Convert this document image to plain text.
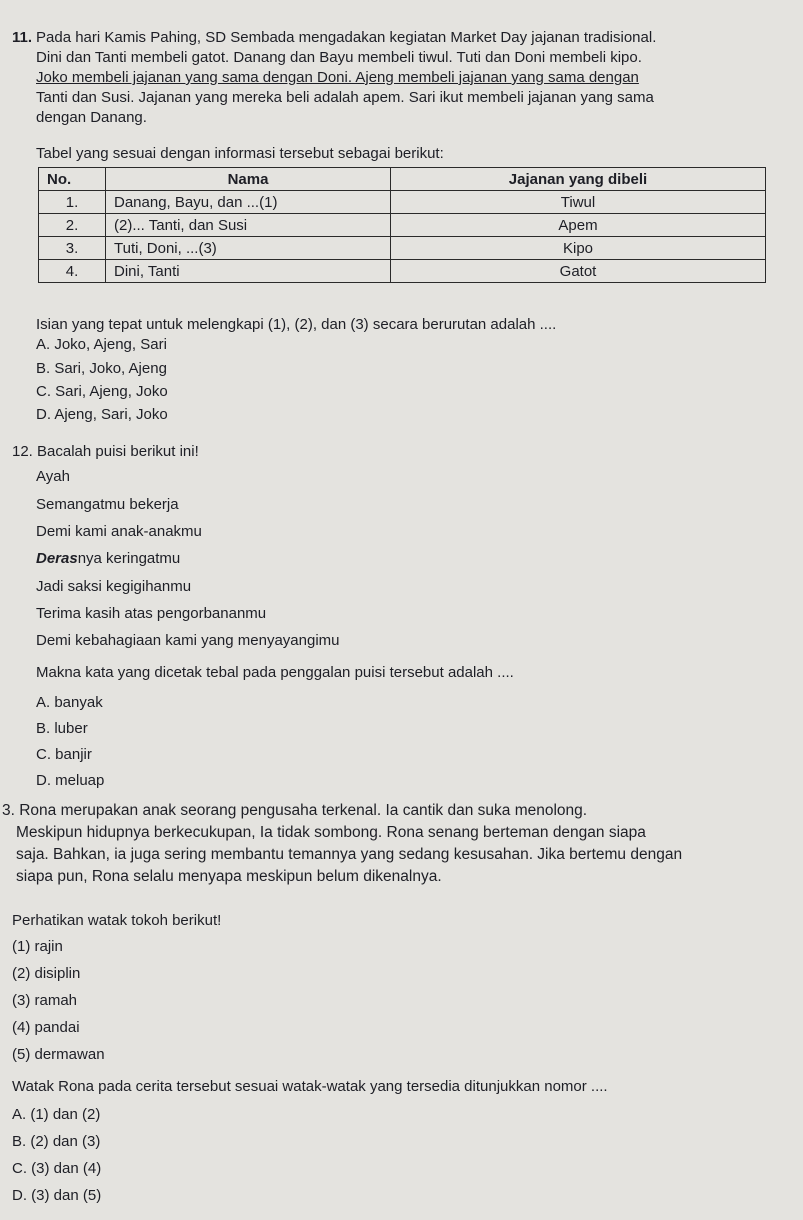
11. Pada hari Kamis Pahing, SD Sembada mengadakan kegiatan Market Day jajanan tradisional.

Dini dan Tanti membeli gatot. Danang dan Bayu membeli tiwul. Tuti dan Doni membeli kipo.

Joko membeli jajanan yang sama dengan Doni. Ajeng membeli jajanan yang sama dengan

Tanti dan Susi. Jajanan yang mereka beli adalah apem. Sari ikut membeli jajanan yang sama

dengan Danang.

Tabel yang sesuai dengan informasi tersebut sebagai berikut:
No.	Nama	Jajanan yang dibeli
1.	Danang, Bayu, dan ...(1)	Tiwul
2.	(2)... Tanti, dan Susi	Apem
3.	Tuti, Doni, ...(3)	Kipo
4.	Dini, Tanti	Gatot
Isian yang tepat untuk melengkapi (1), (2), dan (3) secara berurutan adalah ....
A. Joko, Ajeng, Sari
B. Sari, Joko, Ajeng
C. Sari, Ajeng, Joko
D. Ajeng, Sari, Joko
12. Bacalah puisi berikut ini!
Ayah
Semangatmu bekerja
Demi kami anak-anakmu
Derasnya keringatmu
Jadi saksi kegigihanmu
Terima kasih atas pengorbananmu
Demi kebahagiaan kami yang menyayangimu
Makna kata yang dicetak tebal pada penggalan puisi tersebut adalah ....
A. banyak
B. luber
C. banjir
D. meluap

3. Rona merupakan anak seorang pengusaha terkenal. Ia cantik dan suka menolong.

Meskipun hidupnya berkecukupan, Ia tidak sombong. Rona senang berteman dengan siapa

saja. Bahkan, ia juga sering membantu temannya yang sedang kesusahan. Jika bertemu dengan

siapa pun, Rona selalu menyapa meskipun belum dikenalnya.

Perhatikan watak tokoh berikut!
(1) rajin
(2) disiplin
(3) ramah
(4) pandai
(5) dermawan
Watak Rona pada cerita tersebut sesuai watak-watak yang tersedia ditunjukkan nomor ....
A. (1) dan (2)
B. (2) dan (3)
C. (3) dan (4)
D. (3) dan (5)
